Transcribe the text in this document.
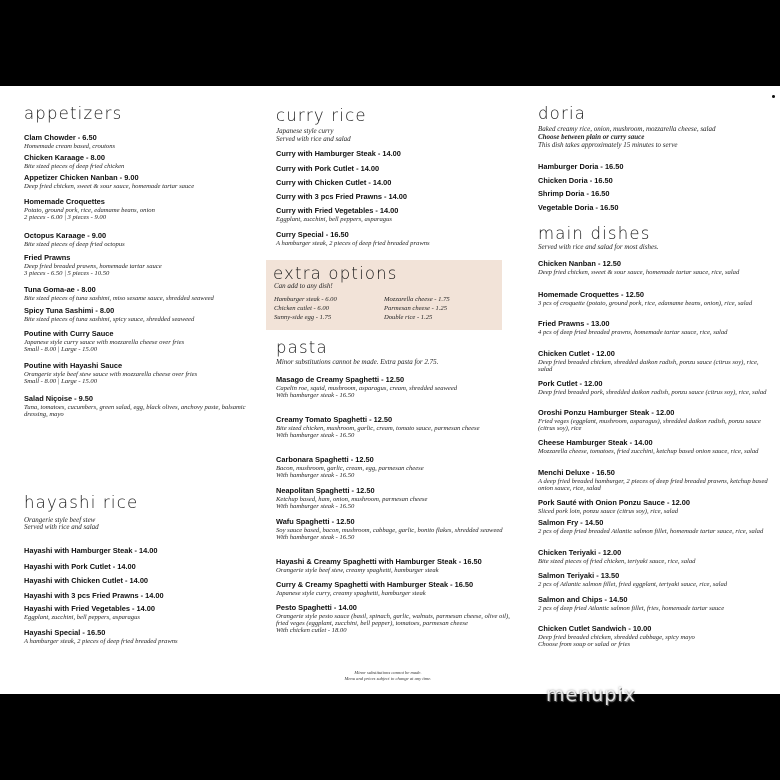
appetizers
Clam Chowder - 6.50
Homemade cream based, croutons
Chicken Karaage - 8.00
Bite sized pieces of deep fried chicken
Appetizer Chicken Nanban - 9.00
Deep fried chicken, sweet & sour sauce, homemade tartar sauce
Homemade Croquettes
Potato, ground pork, rice, edamame beans, onion
2 pieces - 6.00 | 3 pieces - 9.00
Octopus Karaage - 9.00
Bite sized pieces of deep fried octopus
Fried Prawns
Deep fried breaded prawns, homemade tartar sauce
3 pieces - 6.50 | 5 pieces - 10.50
Tuna Goma-ae - 8.00
Bite sized pieces of tuna sashimi, miso sesame sauce, shredded seaweed
Spicy Tuna Sashimi - 8.00
Bite sized pieces of tuna sashimi, spicy sauce, shredded seaweed
Poutine with Curry Sauce
Japanese style curry sauce with mozzarella cheese over fries
Small - 8.00 | Large - 15.00
Poutine with Hayashi Sauce
Orangerie style beef stew sauce with mozzarella cheese over fries
Small - 8.00 | Large - 15.00
Salad Niçoise - 9.50
Tuna, tomatoes, cucumbers, green salad, egg, black olives, anchovy paste, balsamic dressing, mayo
hayashi rice
Orangerie style beef stew
Served with rice and salad
Hayashi with Hamburger Steak - 14.00
Hayashi with Pork Cutlet - 14.00
Hayashi with Chicken Cutlet - 14.00
Hayashi with 3 pcs Fried Prawns - 14.00
Hayashi with Fried Vegetables - 14.00
Eggplant, zucchini, bell peppers, asparagus
Hayashi Special - 16.50
A hamburger steak, 2 pieces of deep fried breaded prawns
curry rice
Japanese style curry
Served with rice and salad
Curry with Hamburger Steak - 14.00
Curry with Pork Cutlet - 14.00
Curry with Chicken Cutlet - 14.00
Curry with 3 pcs Fried Prawns - 14.00
Curry with Fried Vegetables - 14.00
Eggplant, zucchini, bell peppers, asparagus
Curry Special - 16.50
A hamburger steak, 2 pieces of deep fried breaded prawns
pasta
Minor substitutions cannot be made. Extra pasta for 2.75.
Masago de Creamy Spaghetti - 12.50
Capelin roe, squid, mushroom, asparagus, cream, shredded seaweed
With hamburger steak - 16.50
Creamy Tomato Spaghetti - 12.50
Bite sized chicken, mushroom, garlic, cream, tomato sauce, parmesan cheese
With hamburger steak - 16.50
Carbonara Spaghetti - 12.50
Bacon, mushroom, garlic, cream, egg, parmesan cheese
With hamburger steak - 16.50
Neapolitan Spaghetti - 12.50
Ketchup based, ham, onion, mushroom, parmesan cheese
With hamburger steak - 16.50
Wafu Spaghetti - 12.50
Soy sauce based, bacon, mushroom, cabbage, garlic, bonito flakes, shredded seaweed
With hamburger steak - 16.50
Hayashi & Creamy Spaghetti with Hamburger Steak - 16.50
Orangerie style beef stew, creamy spaghetti, hamburger steak
Curry & Creamy Spaghetti with Hamburger Steak - 16.50
Japanese style curry, creamy spaghetti, hamburger steak
Pesto Spaghetti - 14.00
Orangerie style pesto sauce (basil, spinach, garlic, walnuts, parmesan cheese, olive oil), fried veges (eggplant, zucchini, bell pepper), tomatoes, parmesan cheese
With chicken cutlet - 18.00
extra options
Can add to any dish!
Hamburger steak - 6.00
Chicken cutlet - 6.00
Sunny-side egg - 1.75
Mozzarella cheese - 1.75
Parmesan cheese - 1.25
Double rice - 1.25
Minor substitutions cannot be made.
Menu and prices subject to change at any time.
doria
Baked creamy rice, onion, mushroom, mozzarella cheese, salad
Choose between plain or curry sauce
This dish takes approximately 15 minutes to serve
Hamburger Doria - 16.50
Chicken Doria - 16.50
Shrimp Doria - 16.50
Vegetable Doria - 16.50
main dishes
Served with rice and salad for most dishes.
Chicken Nanban - 12.50
Deep fried chicken, sweet & sour sauce, homemade tartar sauce, rice, salad
Homemade Croquettes - 12.50
3 pcs of croquette (potato, ground pork, rice, edamame beans, onion), rice, salad
Fried Prawns - 13.00
4 pcs of deep fried breaded prawns, homemade tartar sauce, rice, salad
Chicken Cutlet - 12.00
Deep fried breaded chicken, shredded daikon radish, ponzu sauce (citrus soy), rice, salad
Pork Cutlet - 12.00
Deep fried breaded pork, shredded daikon radish, ponzu sauce (citrus soy), rice, salad
Oroshi Ponzu Hamburger Steak - 12.00
Fried veges (eggplant, mushroom, asparagus), shredded daikon radish, ponzu sauce (citrus soy), rice
Cheese Hamburger Steak - 14.00
Mozzarella cheese, tomatoes, fried zucchini, ketchup based onion sauce, rice, salad
Menchi Deluxe - 16.50
A deep fried breaded hamburger, 2 pieces of deep fried breaded prawns, ketchup based onion sauce, rice, salad
Pork Sauté with Onion Ponzu Sauce - 12.00
Sliced pork loin, ponzu sauce (citrus soy), rice, salad
Salmon Fry - 14.50
2 pcs of deep fried breaded Atlantic salmon fillet, homemade tartar sauce, rice, salad
Chicken Teriyaki - 12.00
Bite sized pieces of fried chicken, teriyaki sauce, rice, salad
Salmon Teriyaki - 13.50
2 pcs of Atlantic salmon fillet, fried eggplant, teriyaki sauce, rice, salad
Salmon and Chips - 14.50
2 pcs of deep fried Atlantic salmon fillet, fries, homemade tartar sauce
Chicken Cutlet Sandwich - 10.00
Deep fried breaded chicken, shredded cabbage, spicy mayo
Choose from soup or salad or fries
menupix
